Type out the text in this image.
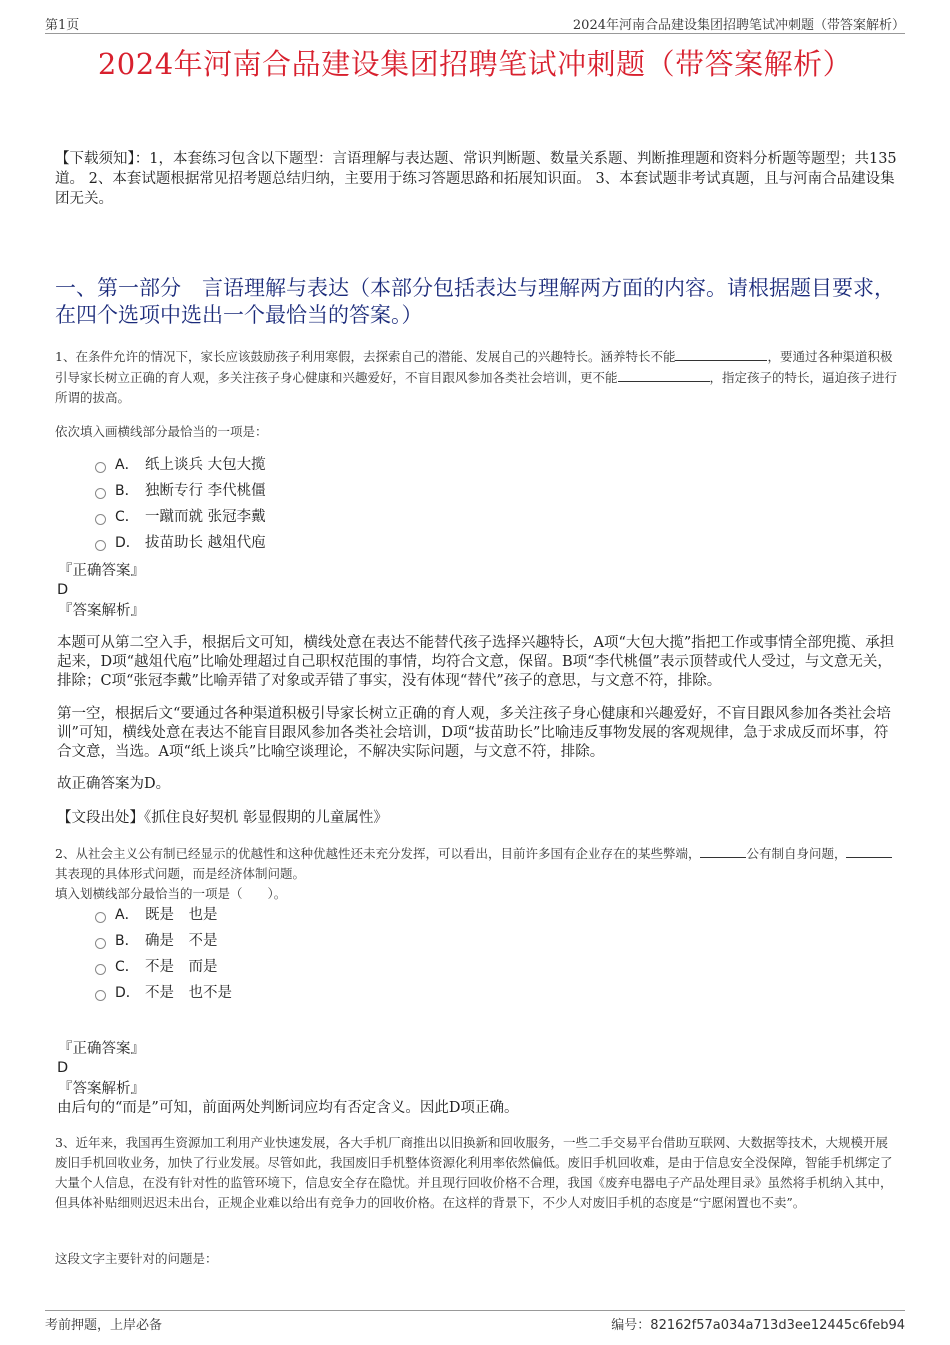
第1页	2024年河南合品建设集团招聘笔试冲刺题（带答案解析）
2024年河南合品建设集团招聘笔试冲刺题（带答案解析）
【下载须知】：1，本套练习包含以下题型：言语理解与表达题、常识判断题、数量关系题、判断推理题和资料分析题等题型；共135道。 2、本套试题根据常见招考题总结归纳，主要用于练习答题思路和拓展知识面。 3、本套试题非考试真题，且与河南合品建设集团无关。
一、第一部分　言语理解与表达（本部分包括表达与理解两方面的内容。请根据题目要求，在四个选项中选出一个最恰当的答案。）
1、在条件允许的情况下，家长应该鼓励孩子利用寒假，去探索自己的潜能、发展自己的兴趣特长。涵养特长不能	，要通过各种渠道积极引导家长树立正确的育人观，多关注孩子身心健康和兴趣爱好，不盲目跟风参加各类社会培训，更不能	，指定孩子的特长，逼迫孩子进行所谓的拔高。
依次填入画横线部分最恰当的一项是：
A． 纸上谈兵 大包大揽
B． 独断专行 李代桃僵
C． 一蹴而就 张冠李戴
D． 拔苗助长 越俎代庖
『正确答案』
D
『答案解析』
本题可从第二空入手，根据后文可知，横线处意在表达不能替代孩子选择兴趣特长，A项“大包大揽”指把工作或事情全部兜揽、承担起来，D项“越俎代庖”比喻处理超过自己职权范围的事情，均符合文意，保留。B项“李代桃僵”表示顶替或代人受过，与文意无关，排除；C项“张冠李戴”比喻弄错了对象或弄错了事实，没有体现“替代”孩子的意思，与文意不符，排除。
第一空，根据后文“要通过各种渠道积极引导家长树立正确的育人观，多关注孩子身心健康和兴趣爱好，不盲目跟风参加各类社会培训”可知，横线处意在表达不能盲目跟风参加各类社会培训，D项“拔苗助长”比喻违反事物发展的客观规律，急于求成反而坏事，符合文意，当选。A项“纸上谈兵”比喻空谈理论，不解决实际问题，与文意不符，排除。
故正确答案为D。
【文段出处】《抓住良好契机 彰显假期的儿童属性》
2、从社会主义公有制已经显示的优越性和这种优越性还未充分发挥，可以看出，目前许多国有企业存在的某些弊端，	公有制自身问题，其表现的具体形式问题，而是经济体制问题。
填入划横线部分最恰当的一项是（　　）。
A． 既是　也是
B． 确是　不是
C． 不是　而是
D． 不是　也不是
『正确答案』
D
『答案解析』
由后句的“而是”可知，前面两处判断词应均有否定含义。因此D项正确。
3、近年来，我国再生资源加工利用产业快速发展，各大手机厂商推出以旧换新和回收服务，一些二手交易平台借助互联网、大数据等技术，大规模开展废旧手机回收业务，加快了行业发展。尽管如此，我国废旧手机整体资源化利用率依然偏低。废旧手机回收难，是由于信息安全没保障，智能手机绑定了大量个人信息，在没有针对性的监管环境下，信息安全存在隐忧。并且现行回收价格不合理，我国《废弃电器电子产品处理目录》虽然将手机纳入其中，但具体补贴细则迟迟未出台，正规企业难以给出有竞争力的回收价格。在这样的背景下，不少人对废旧手机的态度是“宁愿闲置也不卖”。
这段文字主要针对的问题是：
考前押题，上岸必备	编号：82162f57a034a713d3ee12445c6feb94
